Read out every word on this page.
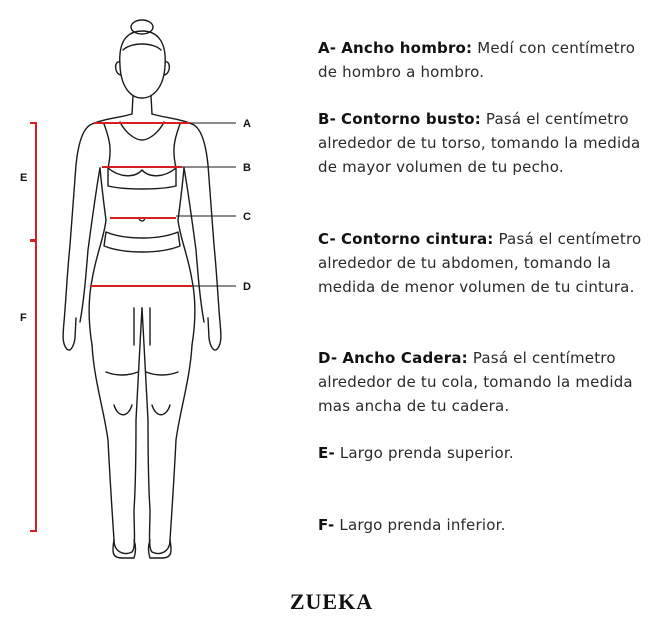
A
B
C
D
E
F
A- Ancho hombro: Medí con centímetro de hombro a hombro.
B- Contorno busto: Pasá el centímetro alrededor de tu torso, tomando la medida de mayor volumen de tu pecho.
C- Contorno cintura: Pasá el centímetro alrededor de tu abdomen, tomando la medida de menor volumen de tu cintura.
D- Ancho Cadera: Pasá el centímetro alrededor de tu cola, tomando la medida mas ancha de tu cadera.
E- Largo prenda superior.
F- Largo prenda inferior.
ZUEKA
